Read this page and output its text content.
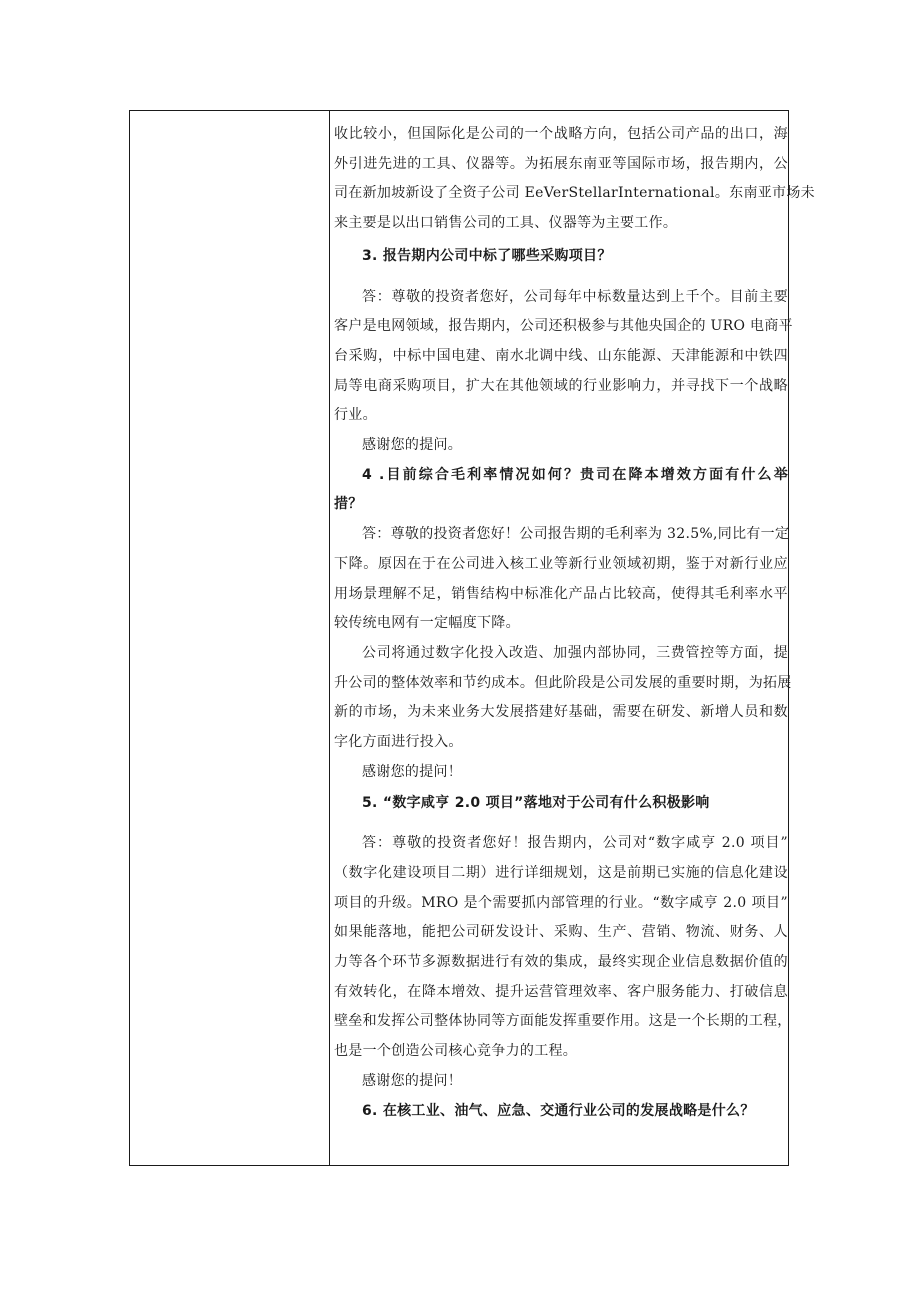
收比较小，但国际化是公司的一个战略方向，包括公司产品的出口，海
外引进先进的工具、仪器等。为拓展东南亚等国际市场，报告期内，公
司在新加坡新设了全资子公司 EeVerStellarInternational。东南亚市场未
来主要是以出口销售公司的工具、仪器等为主要工作。

3. 报告期内公司中标了哪些采购项目？

答：尊敬的投资者您好，公司每年中标数量达到上千个。目前主要
客户是电网领域，报告期内，公司还积极参与其他央国企的 URO 电商平
台采购，中标中国电建、南水北调中线、山东能源、天津能源和中铁四
局等电商采购项目，扩大在其他领域的行业影响力，并寻找下一个战略
行业。

感谢您的提问。

4 .目前综合毛利率情况如何？贵司在降本增效方面有什么举
措？

答：尊敬的投资者您好！公司报告期的毛利率为 32.5%,同比有一定
下降。原因在于在公司进入核工业等新行业领域初期，鉴于对新行业应
用场景理解不足，销售结构中标准化产品占比较高，使得其毛利率水平
较传统电网有一定幅度下降。

公司将通过数字化投入改造、加强内部协同，三费管控等方面，提
升公司的整体效率和节约成本。但此阶段是公司发展的重要时期，为拓展
新的市场，为未来业务大发展搭建好基础，需要在研发、新增人员和数
字化方面进行投入。

感谢您的提问！

5. “数字咸亨 2.0 项目”落地对于公司有什么积极影响

答：尊敬的投资者您好！报告期内，公司对“数字咸亨 2.0 项目”
（数字化建设项目二期）进行详细规划，这是前期已实施的信息化建设
项目的升级。MRO 是个需要抓内部管理的行业。“数字咸亨 2.0 项目”
如果能落地，能把公司研发设计、采购、生产、营销、物流、财务、人
力等各个环节多源数据进行有效的集成，最终实现企业信息数据价值的
有效转化，在降本增效、提升运营管理效率、客户服务能力、打破信息
壁垒和发挥公司整体协同等方面能发挥重要作用。这是一个长期的工程，
也是一个创造公司核心竞争力的工程。

感谢您的提问！

6. 在核工业、油气、应急、交通行业公司的发展战略是什么？
